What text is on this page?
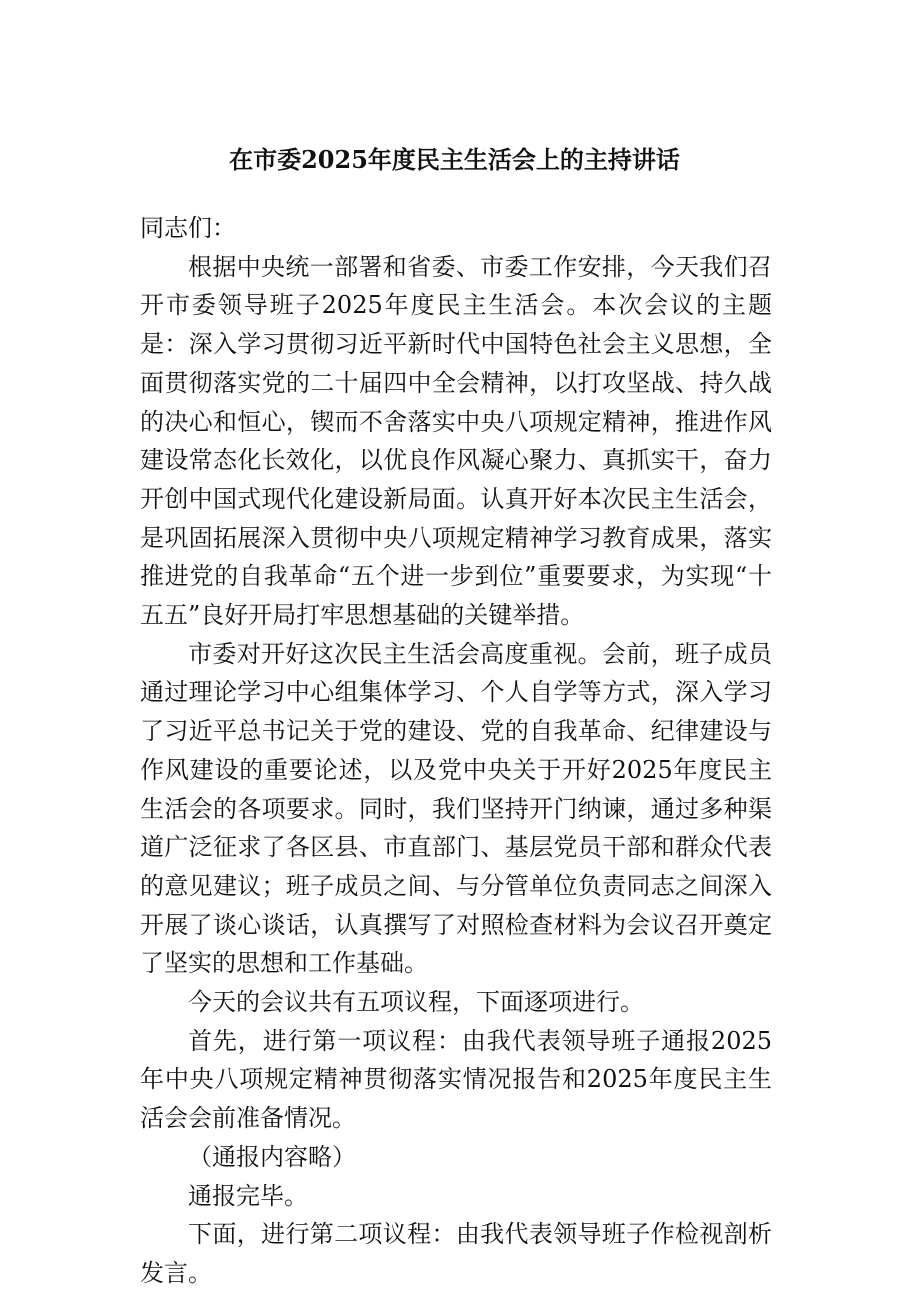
在市委2025年度民主生活会上的主持讲话

同志们：

根据中央统一部署和省委、市委工作安排，今天我们召开市委领导班子2025年度民主生活会。本次会议的主题是：深入学习贯彻习近平新时代中国特色社会主义思想，全面贯彻落实党的二十届四中全会精神，以打攻坚战、持久战的决心和恒心，锲而不舍落实中央八项规定精神，推进作风建设常态化长效化，以优良作风凝心聚力、真抓实干，奋力开创中国式现代化建设新局面。认真开好本次民主生活会，是巩固拓展深入贯彻中央八项规定精神学习教育成果，落实推进党的自我革命“五个进一步到位”重要要求，为实现“十五五”良好开局打牢思想基础的关键举措。

市委对开好这次民主生活会高度重视。会前，班子成员通过理论学习中心组集体学习、个人自学等方式，深入学习了习近平总书记关于党的建设、党的自我革命、纪律建设与作风建设的重要论述，以及党中央关于开好2025年度民主生活会的各项要求。同时，我们坚持开门纳谏，通过多种渠道广泛征求了各区县、市直部门、基层党员干部和群众代表的意见建议；班子成员之间、与分管单位负责同志之间深入开展了谈心谈话，认真撰写了对照检查材料为会议召开奠定了坚实的思想和工作基础。

今天的会议共有五项议程，下面逐项进行。

首先，进行第一项议程：由我代表领导班子通报2025年中央八项规定精神贯彻落实情况报告和2025年度民主生活会会前准备情况。

（通报内容略）

通报完毕。

下面，进行第二项议程：由我代表领导班子作检视剖析发言。
